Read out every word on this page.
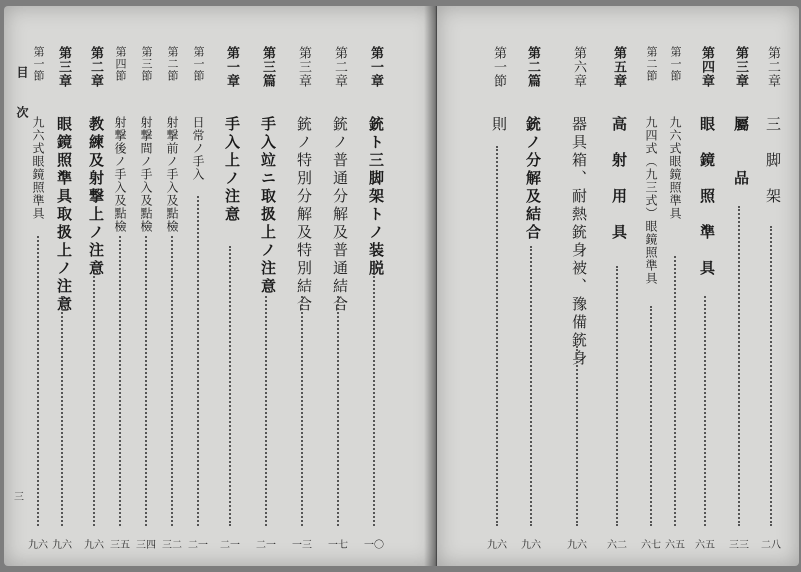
目次
三
第一章
銃ト三脚架トノ装脱
一〇
第二章
銃ノ普通分解及普通結合
一七
第三章
銃ノ特別分解及特別結合
一三
第三篇
手入竝ニ取扱上ノ注意
二一
第一章
手入上ノ注意
二一
第一節
日常ノ手入
二一
第二節
射撃前ノ手入及點檢
三二
第三節
射撃間ノ手入及點檢
三四
第四節
射撃後ノ手入及點檢
三五
第二章
教練及射撃上ノ注意
九六
第三章
眼鏡照準具取扱上ノ注意
九六
第一節
九六式眼鏡照準具
九六
第一節
則
九六
第二篇
銃ノ分解及結合
九六
第六章
器具箱、耐熱銃身被、豫備銃身
九六
第五章
高　射　用　具
六二
第二節
九四式（九三式）眼鏡照準具
六七
第一節
九六式眼鏡照準具
六五
第四章
眼　鏡　照　準　具
六五
第三章
屬　　品
三三
第二章
三　脚　架
二八
